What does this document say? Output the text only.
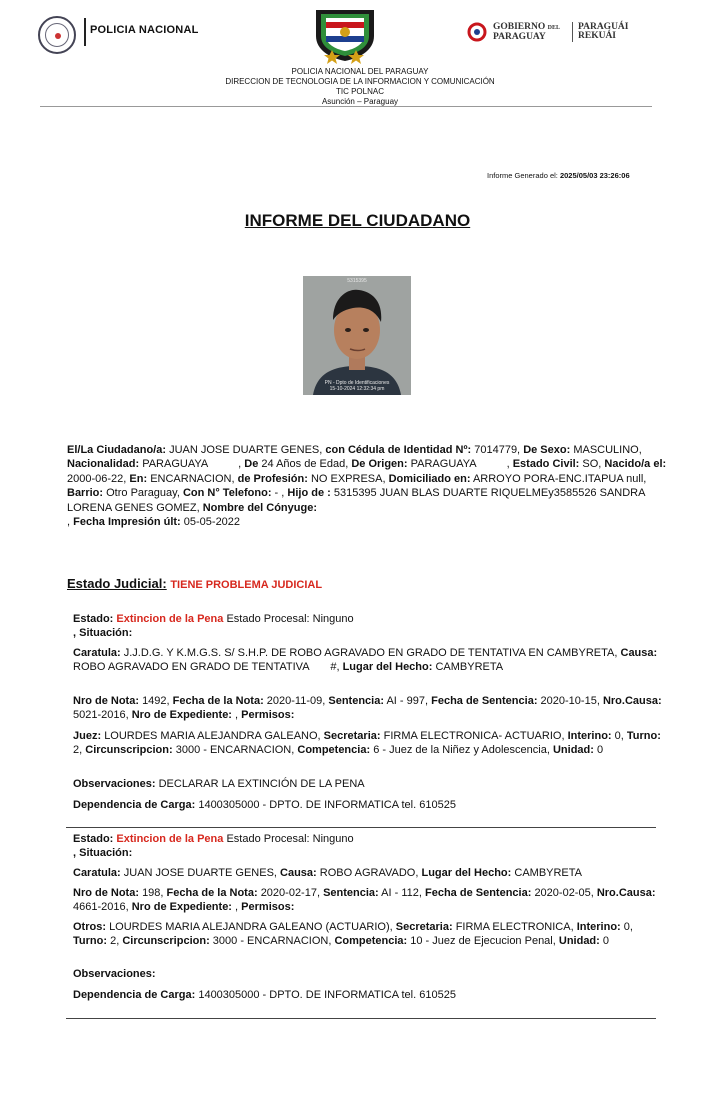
POLICIA NACIONAL
POLICIA NACIONAL DEL PARAGUAY
DIRECCION DE TECNOLOGIA DE LA INFORMACION Y COMUNICACIÓN
TIC POLNAC
Asunción – Paraguay
GOBIERNO DEL
PARAGUAY
PARAGUÁI
REKUÁI
Informe Generado el: 2025/05/03 23:26:06
INFORME DEL CIUDADANO
5315395
PN - Dpto de Identificaciones
15-10-2024 12:32:34 pm
El/La Ciudadano/a: JUAN JOSE DUARTE GENES, con Cédula de Identidad Nº: 7014779, De Sexo: MASCULINO, Nacionalidad: PARAGUAYA          , De 24 Años de Edad, De Origen: PARAGUAYA          , Estado Civil: SO, Nacido/a el: 2000-06-22, En: ENCARNACION, de Profesión: NO EXPRESA, Domiciliado en: ARROYO PORA-ENC.ITAPUA null, Barrio: Otro Paraguay, Con N° Telefono: - , Hijo de : 5315395 JUAN BLAS DUARTE RIQUELMEy3585526 SANDRA LORENA GENES GOMEZ, Nombre del Cónyuge:
, Fecha Impresión últ: 05-05-2022
Estado Judicial: TIENE PROBLEMA JUDICIAL
Estado: Extincion de la Pena Estado Procesal: Ninguno
, Situación:
Caratula: J.J.D.G. Y K.M.G.S. S/ S.H.P. DE ROBO AGRAVADO EN GRADO DE TENTATIVA EN CAMBYRETA, Causa: ROBO AGRAVADO EN GRADO DE TENTATIVA       #, Lugar del Hecho: CAMBYRETA
Nro de Nota: 1492, Fecha de la Nota: 2020-11-09, Sentencia: AI - 997, Fecha de Sentencia: 2020-10-15, Nro.Causa: 5021-2016, Nro de Expediente: , Permisos:
Juez: LOURDES MARIA ALEJANDRA GALEANO, Secretaria: FIRMA ELECTRONICA- ACTUARIO, Interino: 0, Turno: 2, Circunscripcion: 3000 - ENCARNACION, Competencia: 6 - Juez de la Niñez y Adolescencia, Unidad: 0
Observaciones: DECLARAR LA EXTINCIÓN DE LA PENA
Dependencia de Carga: 1400305000 - DPTO. DE INFORMATICA tel. 610525
Estado: Extincion de la Pena Estado Procesal: Ninguno
, Situación:
Caratula: JUAN JOSE DUARTE GENES, Causa: ROBO AGRAVADO, Lugar del Hecho: CAMBYRETA
Nro de Nota: 198, Fecha de la Nota: 2020-02-17, Sentencia: AI - 112, Fecha de Sentencia: 2020-02-05, Nro.Causa: 4661-2016, Nro de Expediente: , Permisos:
Otros: LOURDES MARIA ALEJANDRA GALEANO (ACTUARIO), Secretaria: FIRMA ELECTRONICA, Interino: 0, Turno: 2, Circunscripcion: 3000 - ENCARNACION, Competencia: 10 - Juez de Ejecucion Penal, Unidad: 0
Observaciones:
Dependencia de Carga: 1400305000 - DPTO. DE INFORMATICA tel. 610525
